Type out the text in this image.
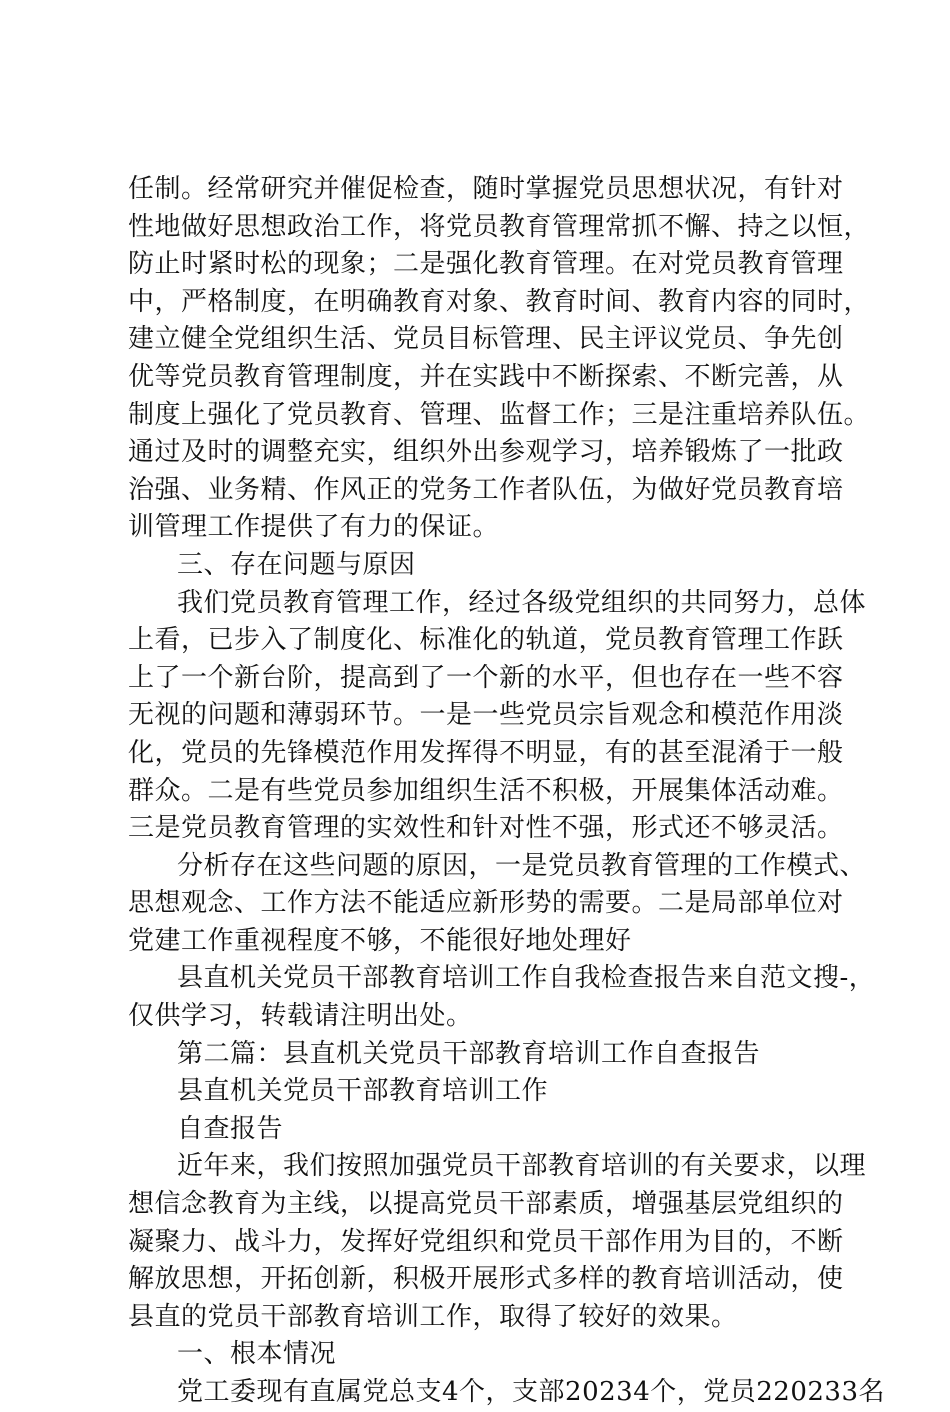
任制。经常研究并催促检查，随时掌握党员思想状况，有针对
性地做好思想政治工作，将党员教育管理常抓不懈、持之以恒，
防止时紧时松的现象；二是强化教育管理。在对党员教育管理
中，严格制度，在明确教育对象、教育时间、教育内容的同时，
建立健全党组织生活、党员目标管理、民主评议党员、争先创
优等党员教育管理制度，并在实践中不断探索、不断完善，从
制度上强化了党员教育、管理、监督工作；三是注重培养队伍。
通过及时的调整充实，组织外出参观学习，培养锻炼了一批政
治强、业务精、作风正的党务工作者队伍，为做好党员教育培
训管理工作提供了有力的保证。
三、存在问题与原因
我们党员教育管理工作，经过各级党组织的共同努力，总体
上看，已步入了制度化、标准化的轨道，党员教育管理工作跃
上了一个新台阶，提高到了一个新的水平，但也存在一些不容
无视的问题和薄弱环节。一是一些党员宗旨观念和模范作用淡
化，党员的先锋模范作用发挥得不明显，有的甚至混淆于一般
群众。二是有些党员参加组织生活不积极，开展集体活动难。
三是党员教育管理的实效性和针对性不强，形式还不够灵活。
分析存在这些问题的原因，一是党员教育管理的工作模式、
思想观念、工作方法不能适应新形势的需要。二是局部单位对
党建工作重视程度不够，不能很好地处理好
县直机关党员干部教育培训工作自我检查报告来自范文搜-，
仅供学习，转载请注明出处。
第二篇：县直机关党员干部教育培训工作自查报告
县直机关党员干部教育培训工作
自查报告
近年来，我们按照加强党员干部教育培训的有关要求，以理
想信念教育为主线，以提高党员干部素质，增强基层党组织的
凝聚力、战斗力，发挥好党组织和党员干部作用为目的，不断
解放思想，开拓创新，积极开展形式多样的教育培训活动，使
县直的党员干部教育培训工作，取得了较好的效果。
一、根本情况
党工委现有直属党总支4个，支部20234个，党员220233名
